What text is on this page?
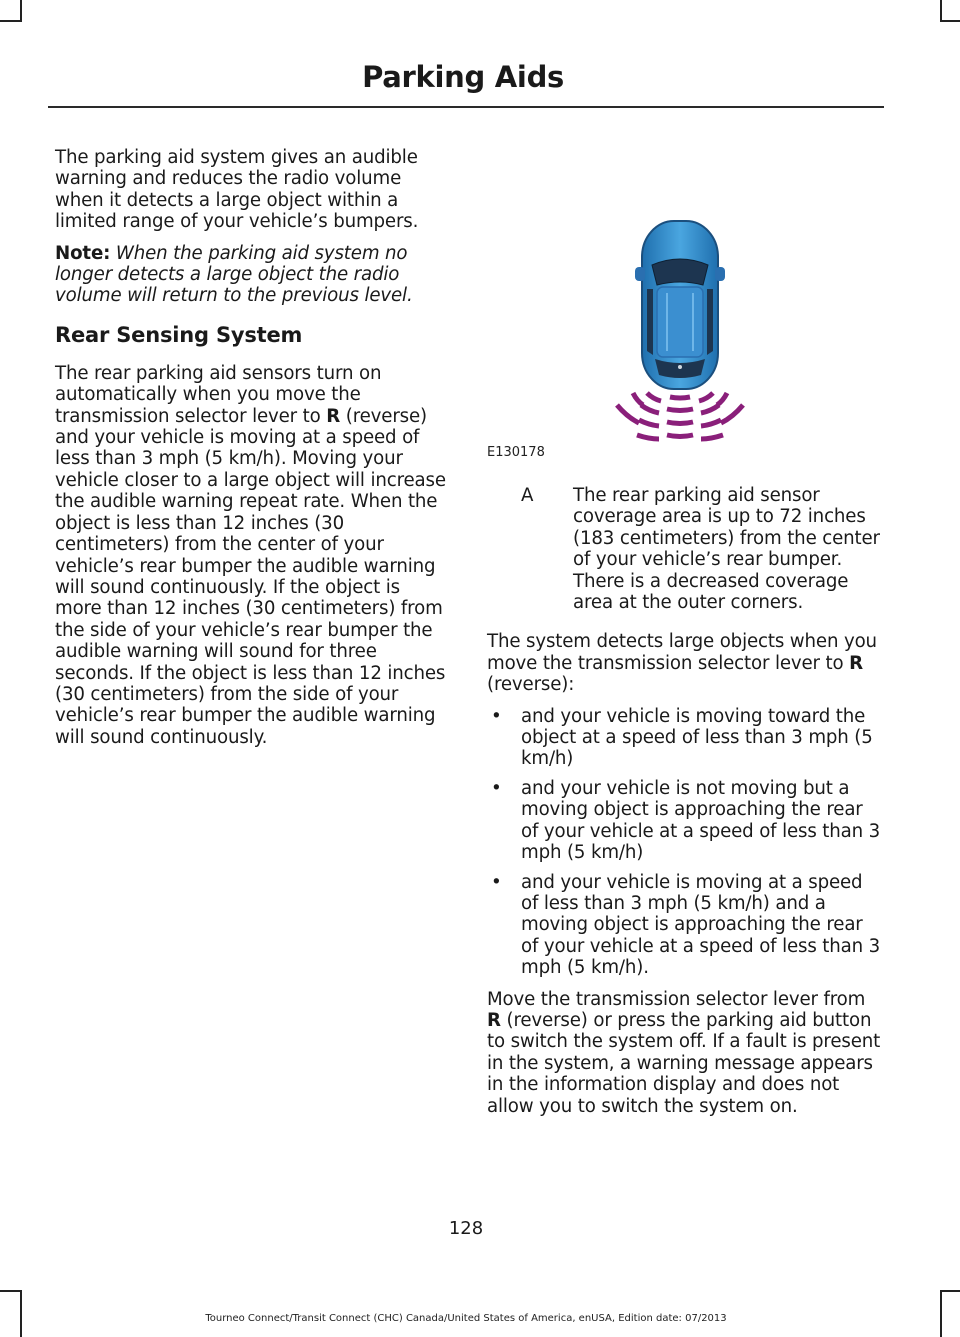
Parking Aids

The parking aid system gives an audible warning and reduces the radio volume when it detects a large object within a limited range of your vehicle’s bumpers.

Note: When the parking aid system no longer detects a large object the radio volume will return to the previous level.

Rear Sensing System

The rear parking aid sensors turn on automatically when you move the transmission selector lever to R (reverse) and your vehicle is moving at a speed of less than 3 mph (5 km/h). Moving your vehicle closer to a large object will increase the audible warning repeat rate. When the object is less than 12 inches (30 centimeters) from the center of your vehicle’s rear bumper the audible warning will sound continuously. If the object is more than 12 inches (30 centimeters) from the side of your vehicle’s rear bumper the audible warning will sound for three seconds. If the object is less than 12 inches (30 centimeters) from the side of your vehicle’s rear bumper the audible warning will sound continuously.

E130178
A	The rear parking aid sensor coverage area is up to 72 inches (183 centimeters) from the center of your vehicle’s rear bumper. There is a decreased coverage area at the outer corners.

The system detects large objects when you move the transmission selector lever to R (reverse):

•	and your vehicle is moving toward the object at a speed of less than 3 mph (5 km/h)
•	and your vehicle is not moving but a moving object is approaching the rear of your vehicle at a speed of less than 3 mph (5 km/h)
•	and your vehicle is moving at a speed of less than 3 mph (5 km/h) and a moving object is approaching the rear of your vehicle at a speed of less than 3 mph (5 km/h).

Move the transmission selector lever from R (reverse) or press the parking aid button to switch the system off. If a fault is present in the system, a warning message appears in the information display and does not allow you to switch the system on.

128
Tourneo Connect/Transit Connect (CHC) Canada/United States of America, enUSA, Edition date: 07/2013
